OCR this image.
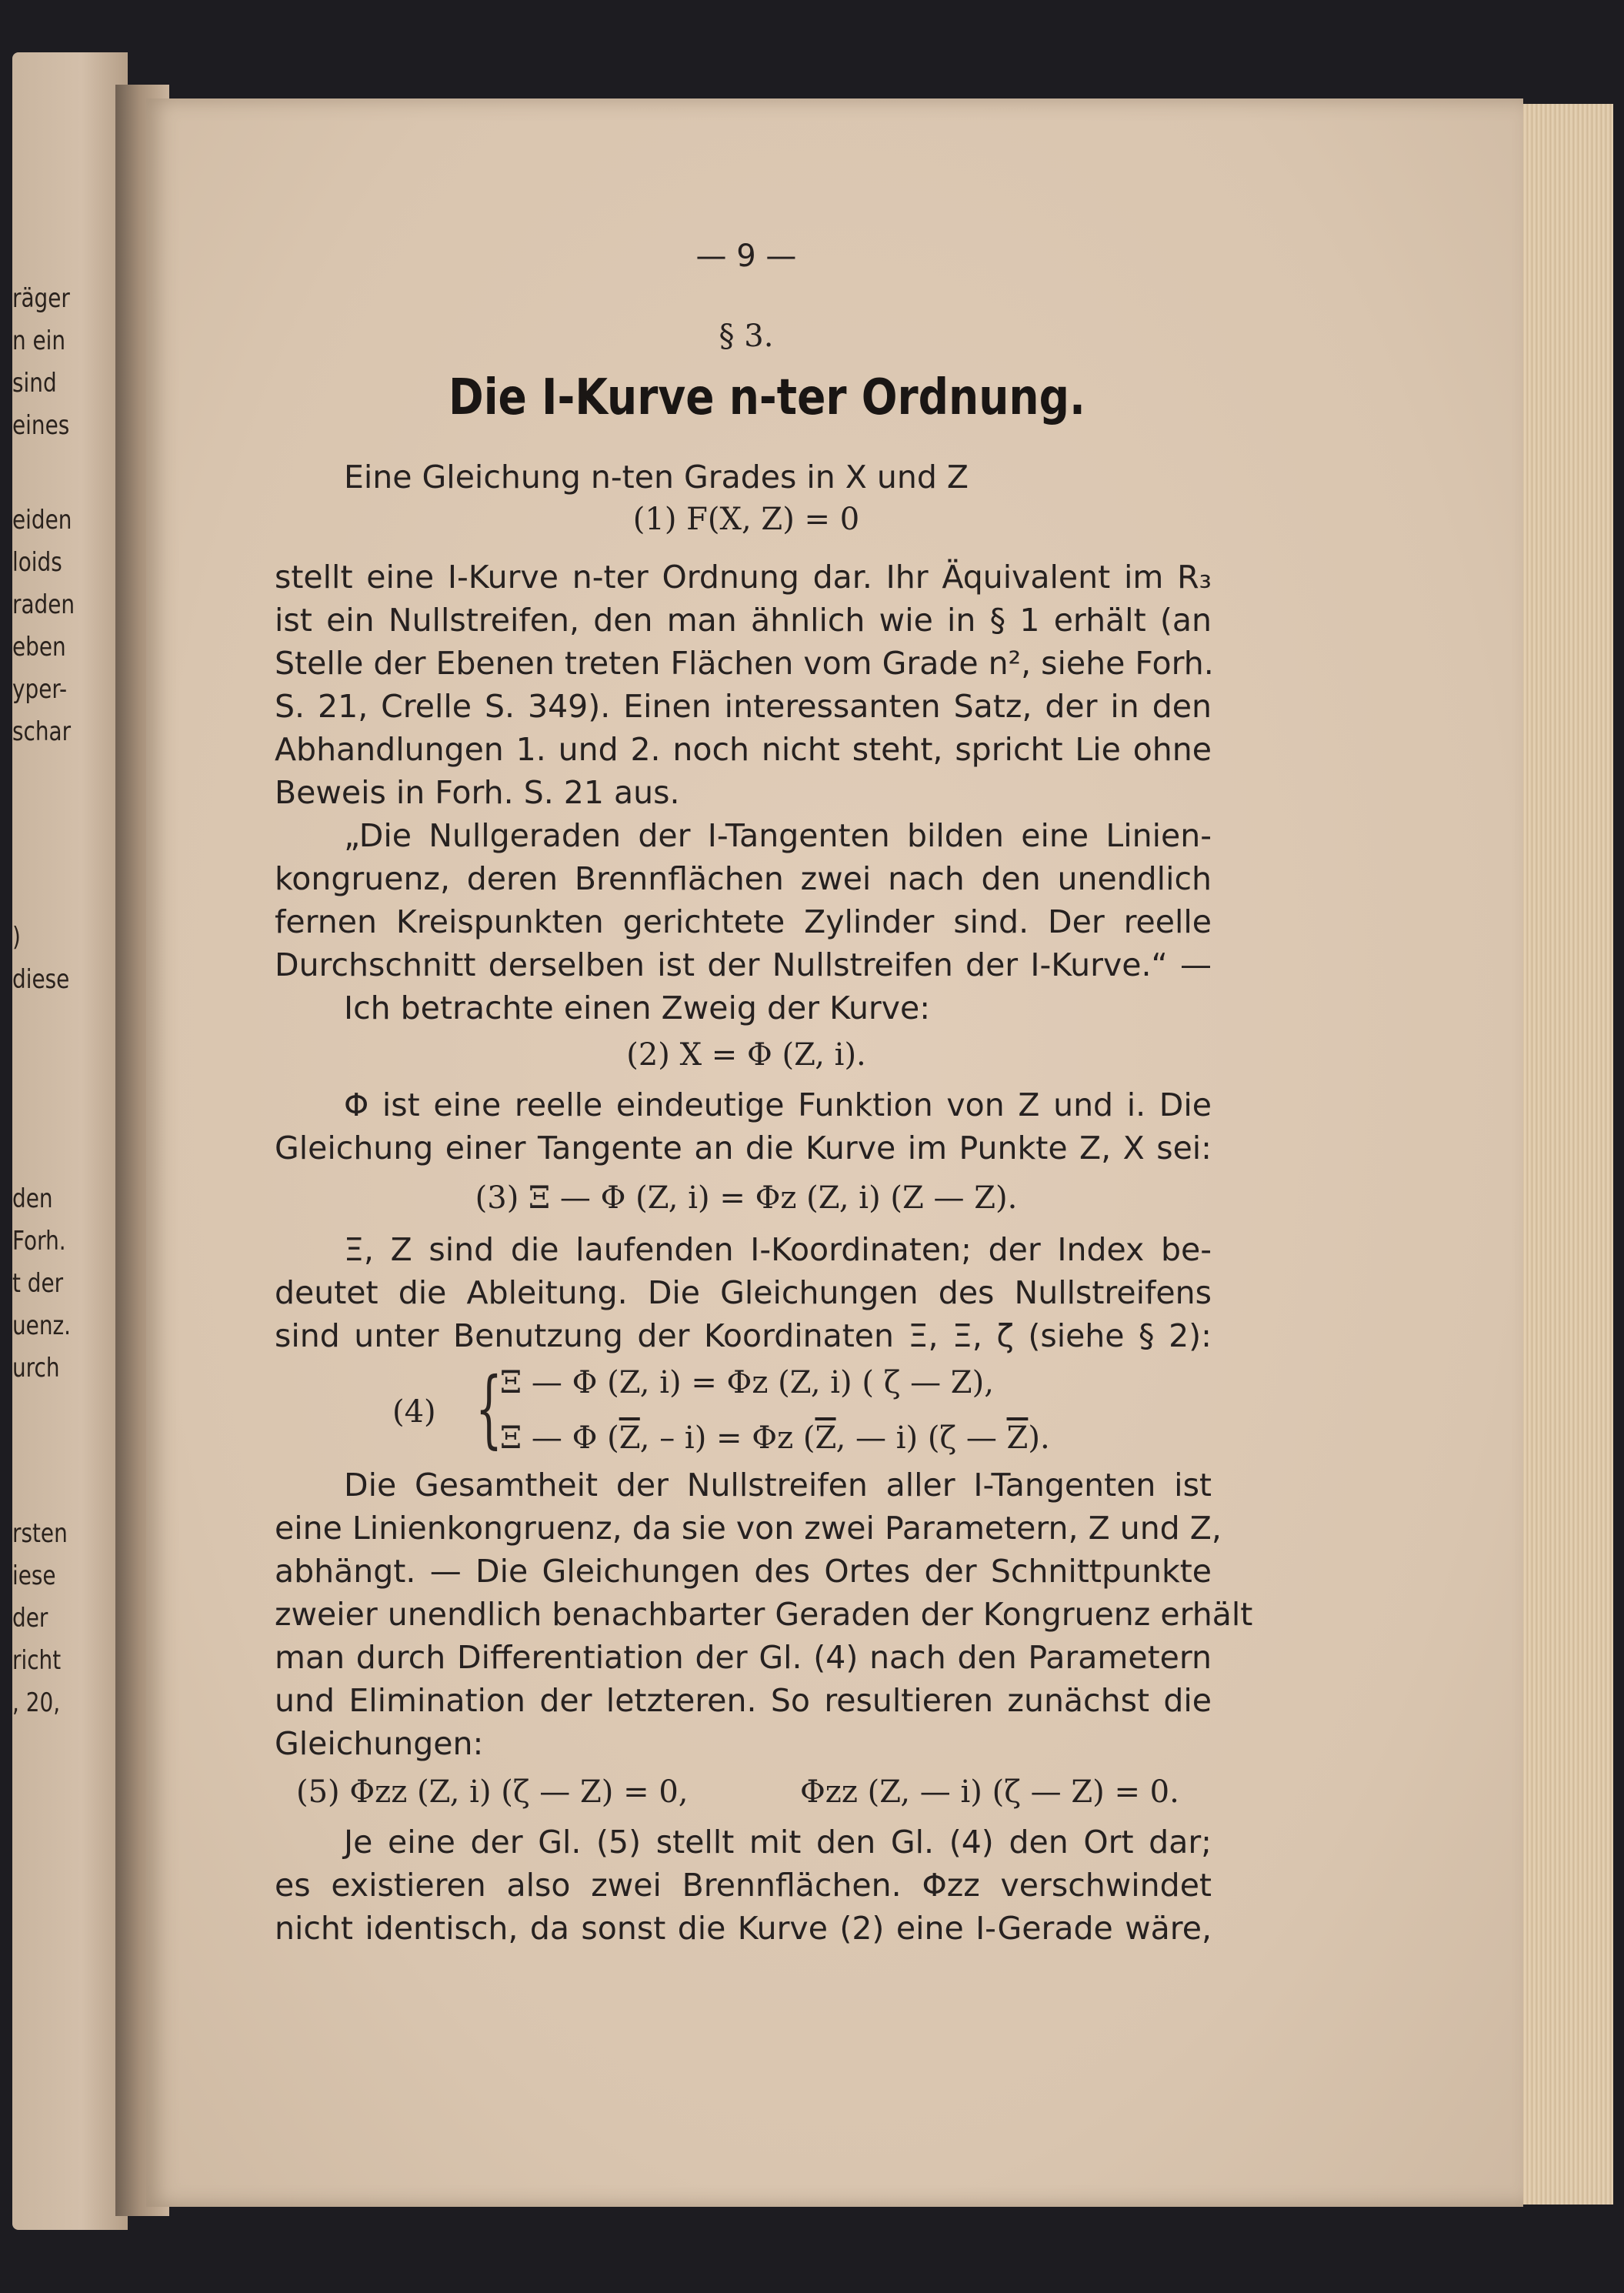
räger
n ein
sind
eines
eiden
loids
raden
eben
yper-
schar
)
diese
den
Forh.
t der
uenz.
urch
rsten
iese
der
richt
, 20,
— 9 —
§ 3.
Die I-Kurve n-ter Ordnung.
Eine Gleichung n-ten Grades in X und Z
(1) F(X, Z) = 0
stellt eine I-Kurve n-ter Ordnung dar. Ihr Äquivalent im R₃
ist ein Nullstreifen, den man ähnlich wie in § 1 erhält (an
Stelle der Ebenen treten Flächen vom Grade n², siehe Forh.
S. 21, Crelle S. 349). Einen interessanten Satz, der in den
Abhandlungen 1. und 2. noch nicht steht, spricht Lie ohne
Beweis in Forh. S. 21 aus.
„Die Nullgeraden der I-Tangenten bilden eine Linien-
kongruenz, deren Brennflächen zwei nach den unendlich
fernen Kreispunkten gerichtete Zylinder sind. Der reelle
Durchschnitt derselben ist der Nullstreifen der I-Kurve.“ —
Ich betrachte einen Zweig der Kurve:
(2) X = Φ (Z, i).
Φ ist eine reelle eindeutige Funktion von Z und i. Die
Gleichung einer Tangente an die Kurve im Punkte Z, X sei:
(3) Ξ — Φ (Z, i) = Φz (Z, i) (Z — Z).
Ξ, Z sind die laufenden I-Koordinaten; der Index be-
deutet die Ableitung. Die Gleichungen des Nullstreifens
sind unter Benutzung der Koordinaten Ξ, Ξ, ζ (siehe § 2):
(4) {
Ξ — Φ (Z, i) = Φz (Z, i) ( ζ — Z),
Ξ — Φ ($\overline{Z}$, – i) = Φz ($\overline{Z}$, — i) (ζ — $\overline{Z}$).
Die Gesamtheit der Nullstreifen aller I-Tangenten ist
eine Linienkongruenz, da sie von zwei Parametern, Z und Z,
abhängt. — Die Gleichungen des Ortes der Schnittpunkte
zweier unendlich benachbarter Geraden der Kongruenz erhält
man durch Differentiation der Gl. (4) nach den Parametern
und Elimination der letzteren. So resultieren zunächst die
Gleichungen:
(5) Φzz (Z, i) (ζ — Z) = 0,	Φzz (Z, — i) (ζ — Z) = 0.
Je eine der Gl. (5) stellt mit den Gl. (4) den Ort dar;
es existieren also zwei Brennflächen. Φzz verschwindet
nicht identisch, da sonst die Kurve (2) eine I-Gerade wäre,
